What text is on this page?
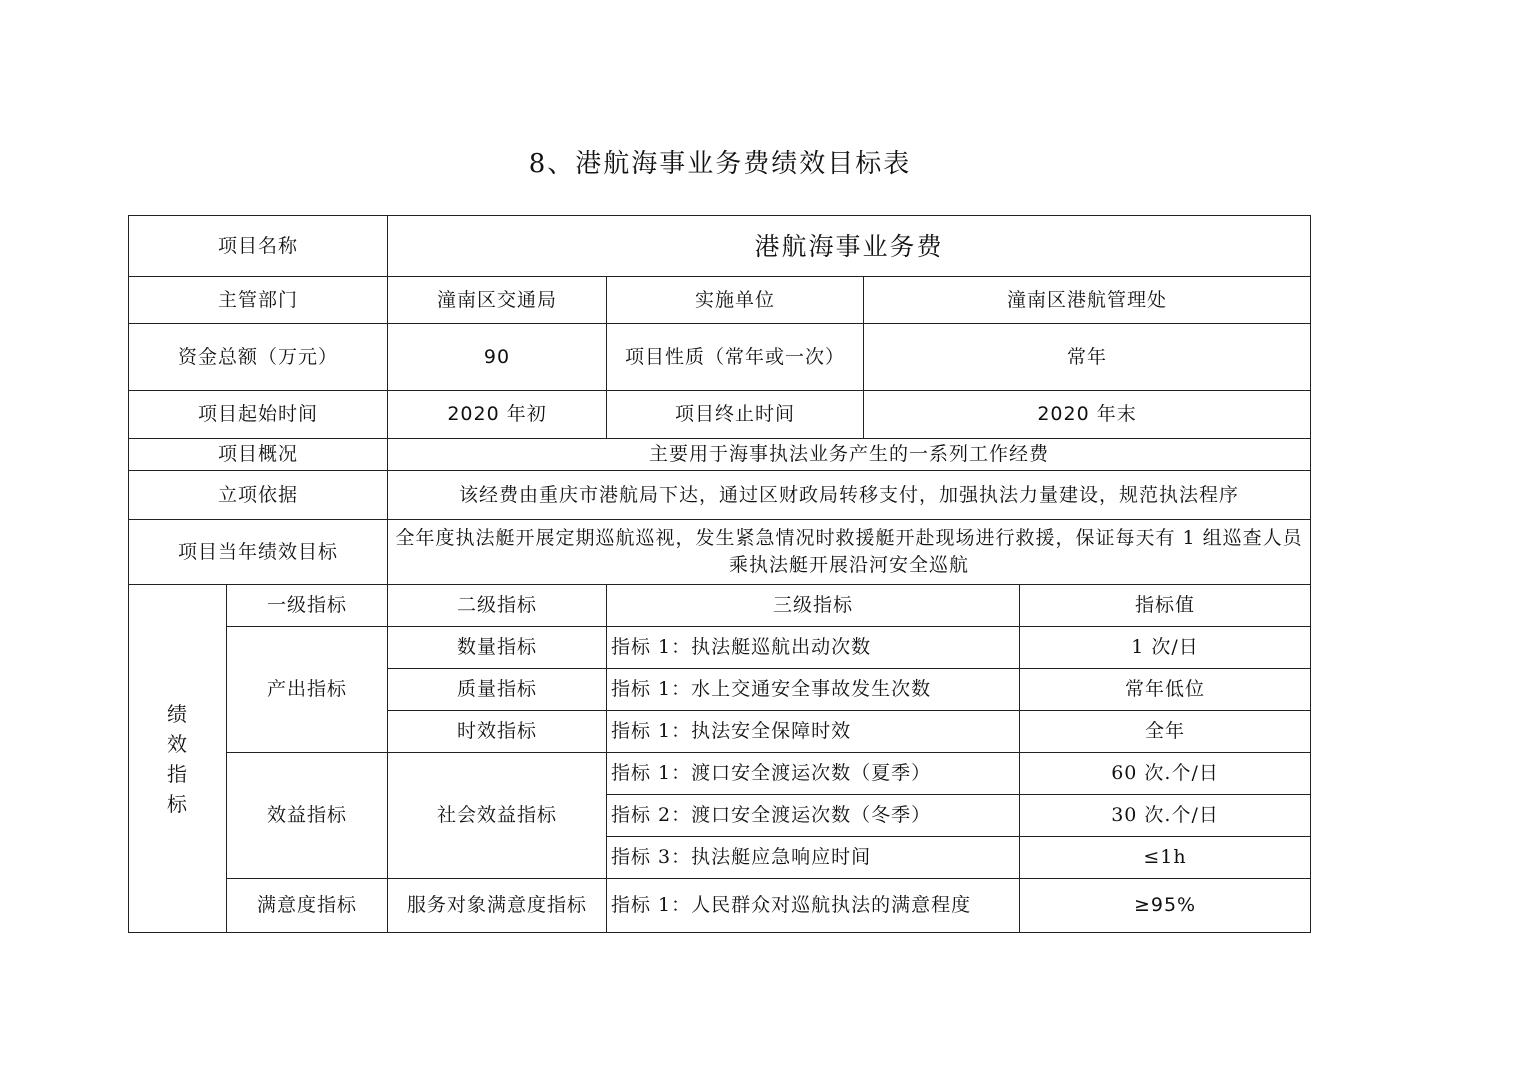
8、港航海事业务费绩效目标表
项目名称		港航海事业务费			
主管部门		潼南区交通局	实施单位	潼南区港航管理处	
资金总额（万元）		90	项目性质（常年或一次）	常年	
项目起始时间		2020 年初	项目终止时间	2020 年末	
项目概况		主要用于海事执法业务产生的一系列工作经费			
立项依据		该经费由重庆市港航局下达，通过区财政局转移支付，加强执法力量建设，规范执法程序			
项目当年绩效目标		全年度执法艇开展定期巡航巡视，发生紧急情况时救援艇开赴现场进行救援，保证每天有 1 组巡查人员乘执法艇开展沿河安全巡航			
绩效指标	一级指标	二级指标	三级指标		指标值
	产出指标	数量指标	指标 1：执法艇巡航出动次数		1 次/日
		质量指标	指标 1：水上交通安全事故发生次数		常年低位
		时效指标	指标 1：执法安全保障时效		全年
	效益指标	社会效益指标	指标 1：渡口安全渡运次数（夏季）		60 次.个/日
			指标 2：渡口安全渡运次数（冬季）		30 次.个/日
			指标 3：执法艇应急响应时间		≤1h
	满意度指标	服务对象满意度指标	指标 1：人民群众对巡航执法的满意程度		≥95%
